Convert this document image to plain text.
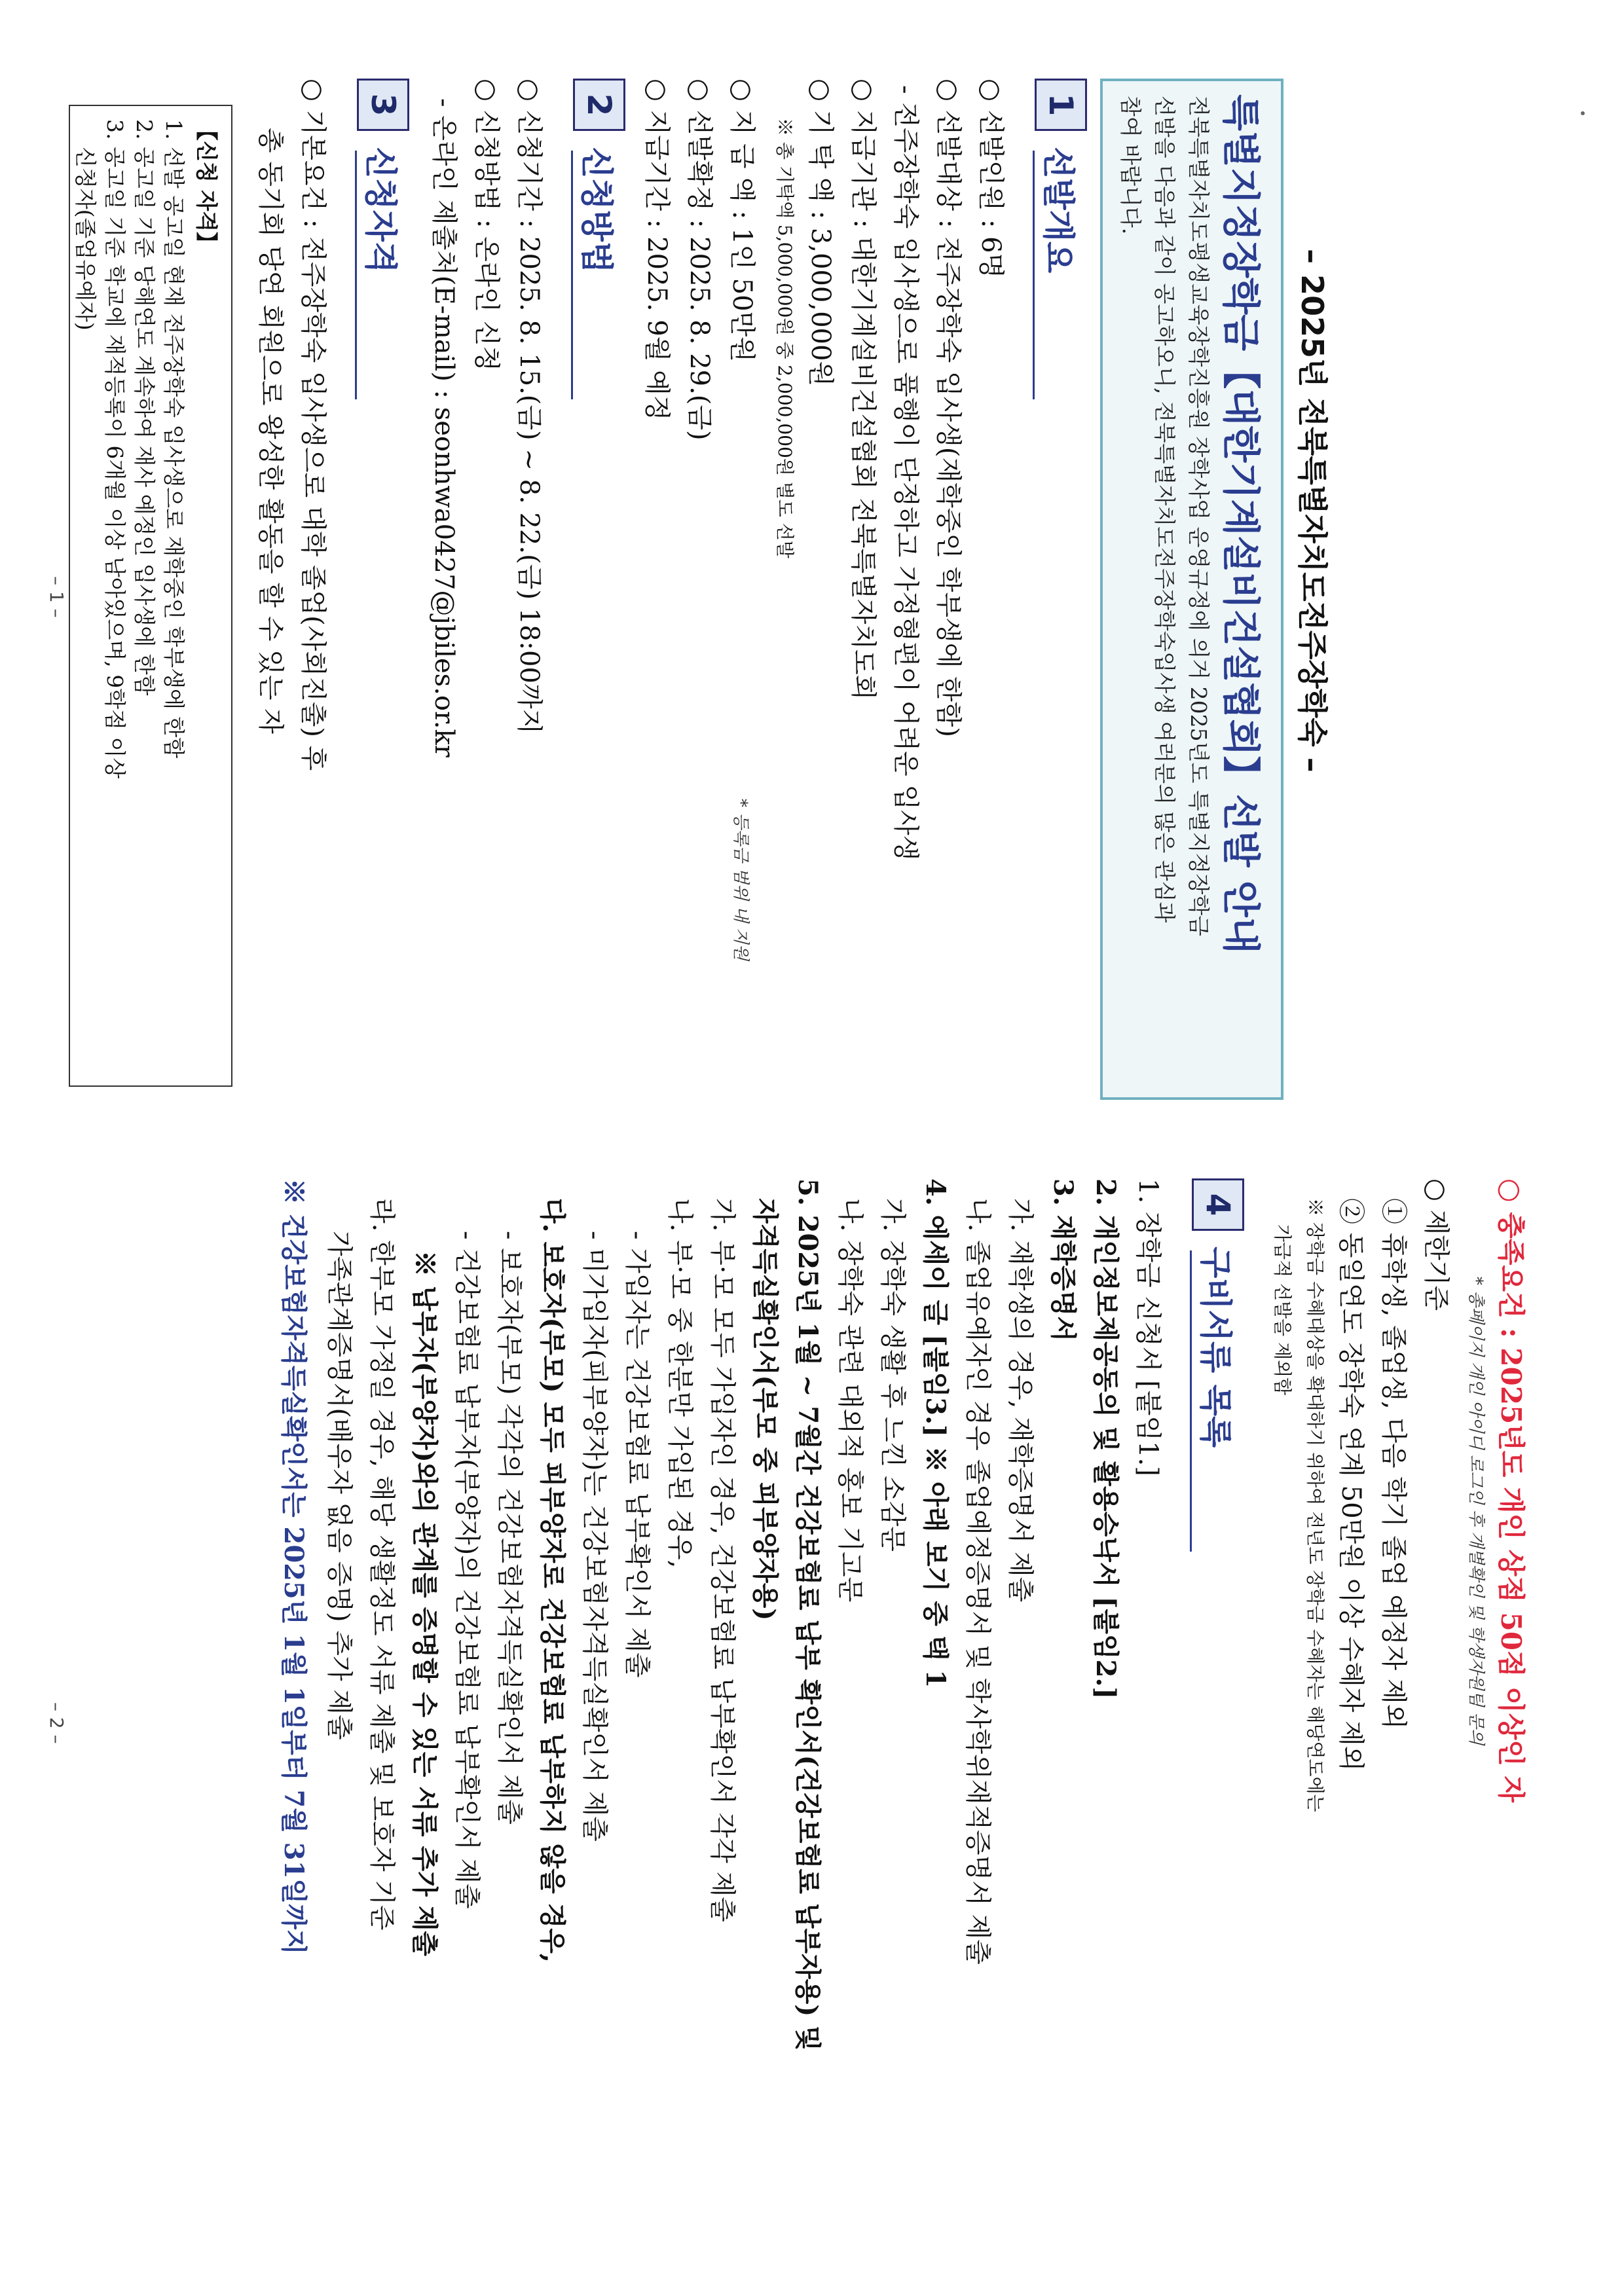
– 2025년 전북특별자치도전주장학숙 –
특별지정장학금【대한기계설비건설협회】선발 안내
전북특별자치도평생교육장학진흥원 장학사업 운영규정에 의거 2025년도 특별지정장학금
선발을 다음과 같이 공고하오니, 전북특별자치도전주장학숙입사생 여러분의 많은 관심과
참여 바랍니다.
1
선발개요
○ 선발인원 : 6명
○ 선발대상 : 전주장학숙 입사생(재학중인 학부생에 한함)
- 전주장학숙 입사생으로 품행이 단정하고 가정형편이 어려운 입사생
○ 지급기관 : 대한기계설비건설협회 전북특별자치도회
○ 기 탁 액 : 3,000,000원
※ 총 기탁액 5,000,000원 중 2,000,000원 별도 선발
○ 지 급 액 : 1인 50만원
* 등록금 범위 내 지원
○ 선발확정 : 2025. 8. 29.(금)
○ 지급기간 : 2025. 9월 예정
2
신청방법
○ 신청기간 : 2025. 8. 15.(금) ~ 8. 22.(금) 18:00까지
○ 신청방법 : 온라인 신청
- 온라인 제출처(E-mail) : seonhwa0427@jbiles.or.kr
3
신청자격
○ 기본요건 : 전주장학숙 입사생으로 대학 졸업(사회진출) 후
총 동기회 당연 회원으로 왕성한 활동을 할 수 있는 자
【신청 자격】
1. 선발 공고일 현재 전주장학숙 입사생으로 재학중인 학부생에 한함
2. 공고일 기준 당해연도 계속하여 재사 예정인 입사생에 한함
3. 공고일 기준 학교에 재적등록이 6개월 이상 남아있으며, 9학점 이상
신청자(졸업유예자)
– 1 –
○ 충족요건 : 2025년도 개인 상점 50점 이상인 자
* 총페이지 개인 아이디 로그인 후 개별확인 및 학생자원팀 문의
○ 제한기준
① 휴학생, 졸업생, 다음 학기 졸업 예정자 제외
② 동일연도 장학숙 연계 50만원 이상 수혜자 제외
※ 장학금 수혜대상을 확대하기 위하여 전년도 장학금 수혜자는 해당연도에는
가급적 선발을 제외함
4
구비서류 목록
1. 장학금 신청서 [붙임1.]
2. 개인정보제공동의 및 활용승낙서 [붙임2.]
3. 재학증명서
가. 재학생의 경우, 재학증명서 제출
나. 졸업유예자인 경우 졸업예정증명서 및 학사학위재적증명서 제출
4. 에세이 글 [붙임3.] ※ 아래 보기 중 택 1
가. 장학숙 생활 후 느낀 소감문
나. 장학숙 관련 대외적 홍보 기고문
5. 2025년 1월 ~ 7월간 건강보험료 납부 확인서(건강보험료 납부자용) 및
자격득실확인서(부모 중 피부양자용)
가. 부·모 모두 가입자인 경우, 건강보험료 납부확인서 각각 제출
나. 부·모 중 한분만 가입된 경우,
- 가입자는 건강보험료 납부확인서 제출
- 미가입자(피부양자)는 건강보험자격득실확인서 제출
다. 보호자(부모) 모두 피부양자로 건강보험료 납부하지 않을 경우,
- 보호자(부모) 각각의 건강보험자격득실확인서 제출
- 건강보험료 납부자(부양자)의 건강보험료 납부확인서 제출
※ 납부자(부양자)와의 관계를 증명할 수 있는 서류 추가 제출
라. 한부모 가정일 경우, 해당 생활정도 서류 제출 및 보호자 기준
가족관계증명서(배우자 없음 증명) 추가 제출
※ 건강보험자격득실확인서는 2025년 1월 1일부터 7월 31일까지
– 2 –
